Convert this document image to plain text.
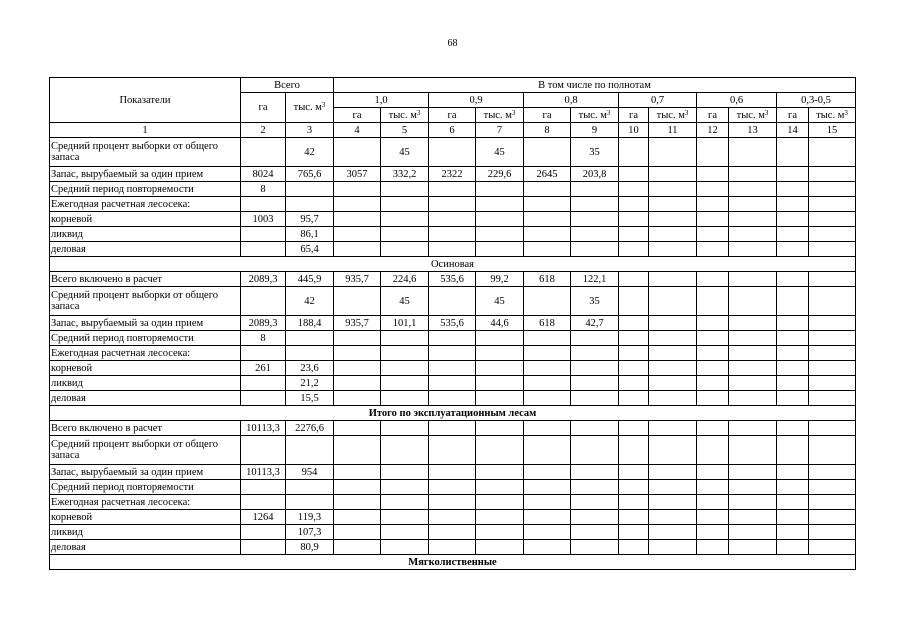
68
Показатели	Всего		В том числе по полнотам											
	га	тыс. $м^3$	1,0		0,9		0,8		0,7		0,6		0,3-0,5	
			га	тыс. $м^3$	га	тыс. $м^3$	га	тыс. $м^3$	га	тыс. $м^3$	га	тыс. $м^3$	га	тыс. $м^3$
1	2	3	4	5	6	7	8	9	10	11	12	13	14	15
Средний процент выборки от общего запаса		42		45		45		35						
Запас, вырубаемый за один прием	8024	765,6	3057	332,2	2322	229,6	2645	203,8						
Средний период повторяемости	8													
Ежегодная расчетная лесосека:														
корневой	1003	95,7												
ликвид		86,1												
деловая		65,4												
Осиновая														
Всего включено в расчет	2089,3	445,9	935,7	224,6	535,6	99,2	618	122,1						
Средний процент выборки от общего запаса		42		45		45		35						
Запас, вырубаемый за один прием	2089,3	188,4	935,7	101,1	535,6	44,6	618	42,7						
Средний период повторяемости	8													
Ежегодная расчетная лесосека:														
корневой	261	23,6												
ликвид		21,2												
деловая		15,5												
Итого по эксплуатационным лесам														
Всего включено в расчет	10113,3	2276,6												
Средний процент выборки от общего запаса														
Запас, вырубаемый за один прием	10113,3	954												
Средний период повторяемости														
Ежегодная расчетная лесосека:														
корневой	1264	119,3												
ликвид		107,3												
деловая		80,9												
Мягколиственные														
